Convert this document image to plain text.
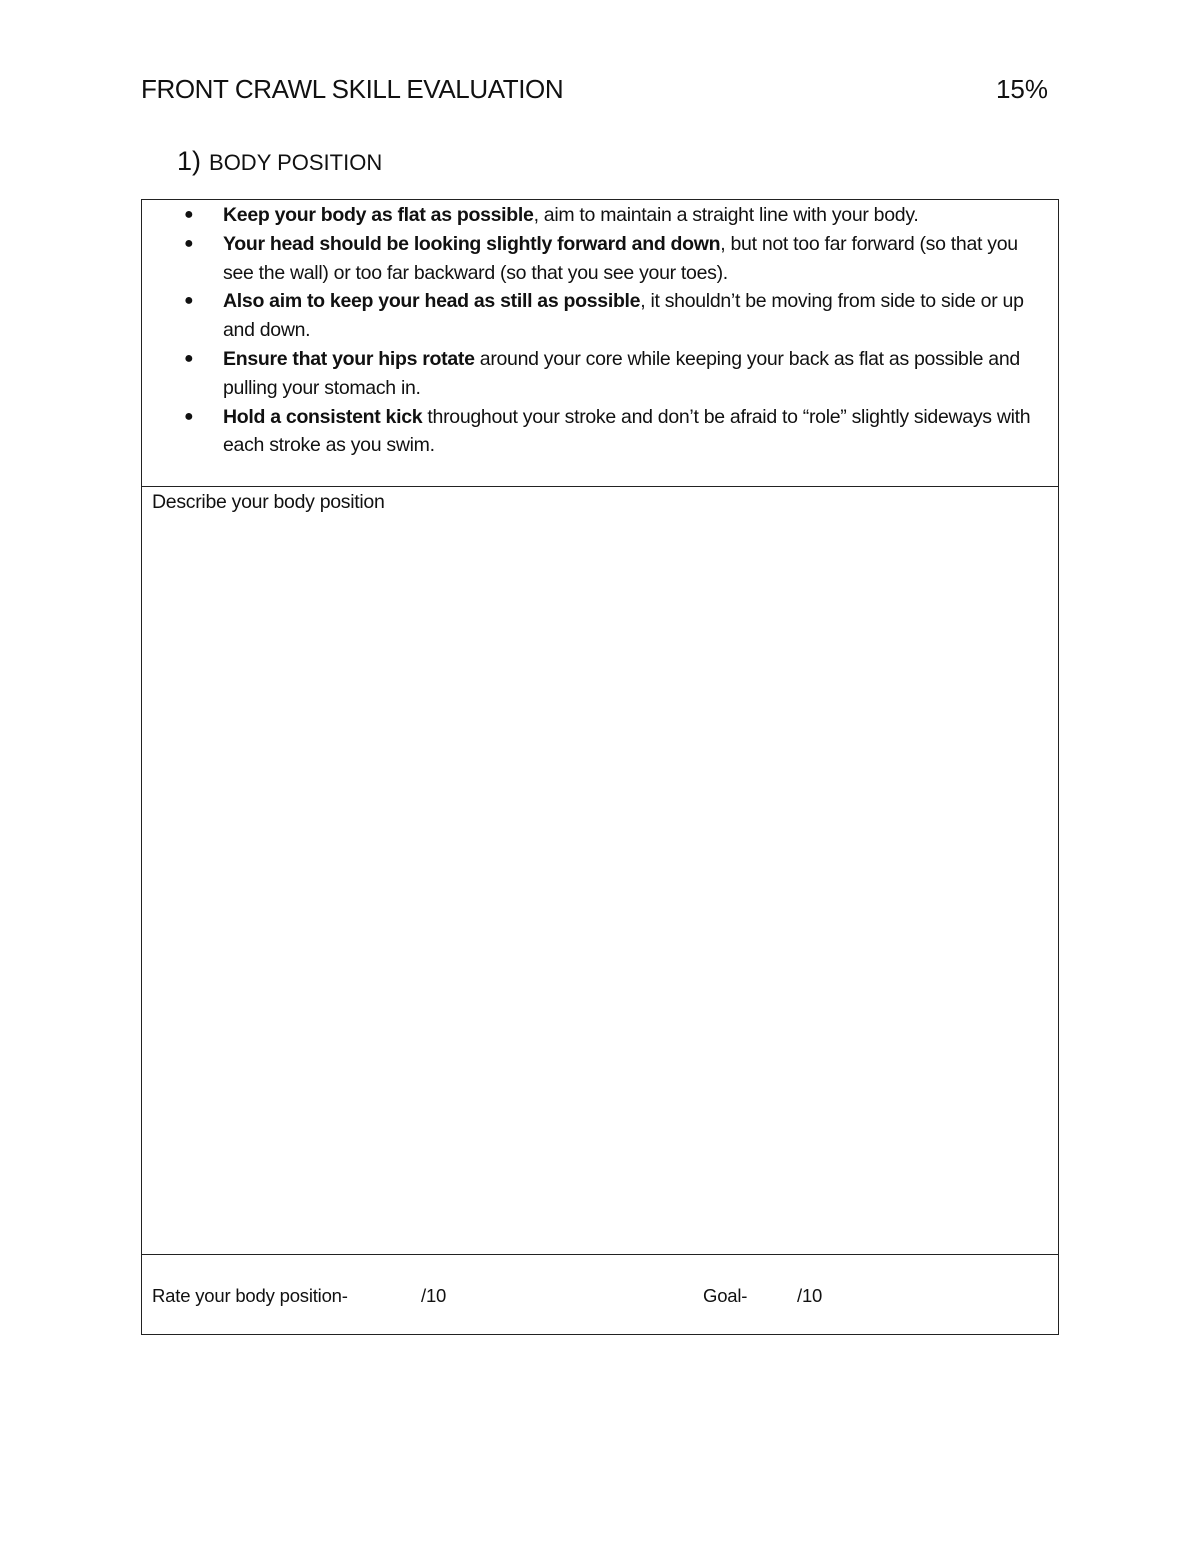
FRONT CRAWL SKILL EVALUATION	15%
1) BODY POSITION
● Keep your body as flat as possible, aim to maintain a straight line with your body.
● Your head should be looking slightly forward and down, but not too far forward (so that you see the wall) or too far backward (so that you see your toes).
● Also aim to keep your head as still as possible, it shouldn’t be moving from side to side or up and down.
● Ensure that your hips rotate around your core while keeping your back as flat as possible and pulling your stomach in.
● Hold a consistent kick throughout your stroke and don’t be afraid to “role” slightly sideways with each stroke as you swim.

Describe your body position

Rate your body position-	/10	Goal-	/10
